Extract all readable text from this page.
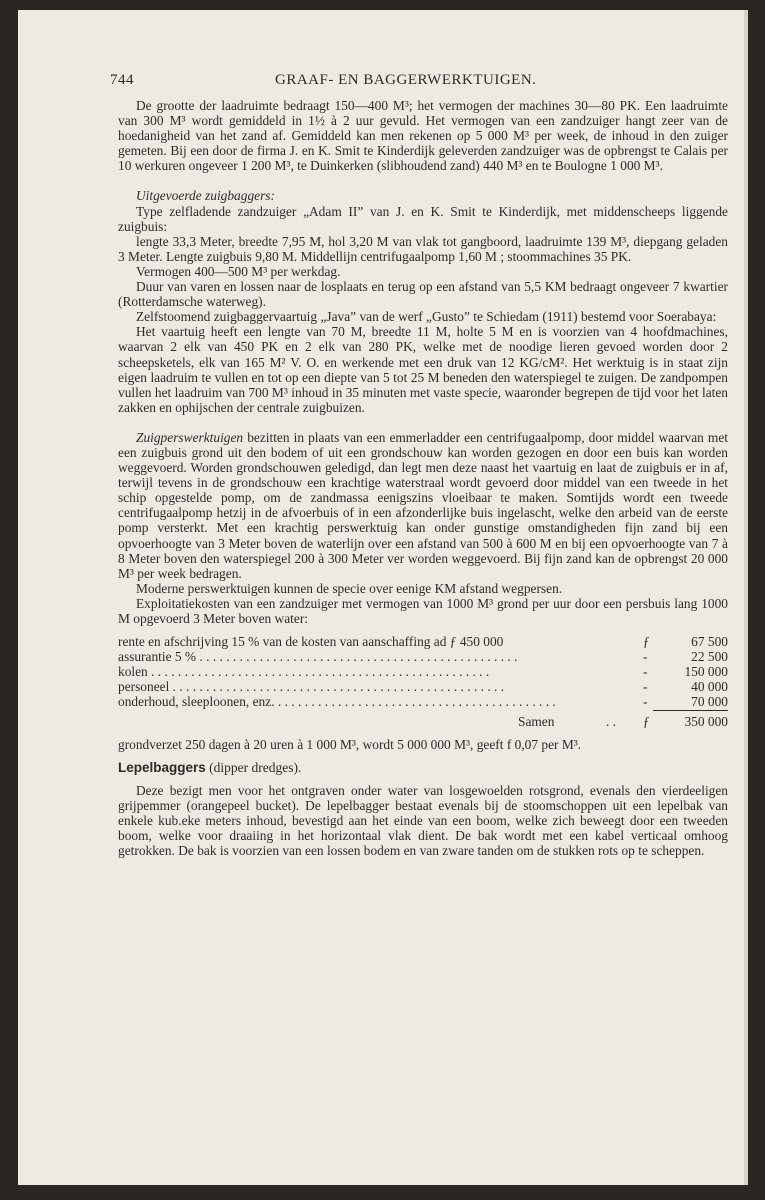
744	GRAAF- EN BAGGERWERKTUIGEN.

De grootte der laadruimte bedraagt 150—400 M³; het vermogen der machines 30—80 PK. Een laadruimte van 300 M³ wordt gemiddeld in 1½ à 2 uur gevuld. Het vermogen van een zandzuiger hangt zeer van de hoedanigheid van het zand af. Gemiddeld kan men rekenen op 5 000 M³ per week, de inhoud in den zuiger gemeten. Bij een door de firma J. en K. Smit te Kinderdijk geleverden zandzuiger was de opbrengst te Calais per 10 werkuren ongeveer 1 200 M³, te Duinkerken (slibhoudend zand) 440 M³ en te Boulogne 1 000 M³.

Uitgevoerde zuigbaggers:

Type zelfladende zandzuiger „Adam II” van J. en K. Smit te Kinderdijk, met middenscheeps liggende zuigbuis:

lengte 33,3 Meter, breedte 7,95 M, hol 3,20 M van vlak tot gangboord, laadruimte 139 M³, diepgang geladen 3 Meter. Lengte zuigbuis 9,80 M. Middellijn centrifugaalpomp 1,60 M ; stoommachines 35 PK.

Vermogen 400—500 M³ per werkdag.

Duur van varen en lossen naar de losplaats en terug op een afstand van 5,5 KM bedraagt ongeveer 7 kwartier (Rotterdamsche waterweg).

Zelfstoomend zuigbaggervaartuig „Java” van de werf „Gusto” te Schiedam (1911) bestemd voor Soerabaya:

Het vaartuig heeft een lengte van 70 M, breedte 11 M, holte 5 M en is voorzien van 4 hoofdmachines, waarvan 2 elk van 450 PK en 2 elk van 280 PK, welke met de noodige lieren gevoed worden door 2 scheepsketels, elk van 165 M² V. O. en werkende met een druk van 12 KG/cM². Het werktuig is in staat zijn eigen laadruim te vullen en tot op een diepte van 5 tot 25 M beneden den waterspiegel te zuigen. De zandpompen vullen het laadruim van 700 M³ inhoud in 35 minuten met vaste specie, waaronder begrepen de tijd voor het laten zakken en ophijschen der centrale zuigbuizen.

Zuigperswerktuigen bezitten in plaats van een emmerladder een centrifugaalpomp, door middel waarvan met een zuigbuis grond uit den bodem of uit een grondschouw kan worden gezogen en door een buis kan worden weggevoerd. Worden grondschouwen geledigd, dan legt men deze naast het vaartuig en laat de zuigbuis er in af, terwijl tevens in de grondschouw een krachtige waterstraal wordt gevoerd door middel van een tweede in het schip opgestelde pomp, om de zandmassa eenigszins vloeibaar te maken. Somtijds wordt een tweede centrifugaalpomp hetzij in de afvoerbuis of in een afzonderlijke buis ingelascht, welke den arbeid van de eerste pomp versterkt. Met een krachtig perswerktuig kan onder gunstige omstandigheden fijn zand bij een opvoerhoogte van 3 Meter boven de waterlijn over een afstand van 500 à 600 M en bij een opvoerhoogte van 7 à 8 Meter boven den waterspiegel 200 à 300 Meter ver worden weggevoerd. Bij fijn zand kan de opbrengst 20 000 M³ per week bedragen.

Moderne perswerktuigen kunnen de specie over eenige KM afstand wegpersen.

Exploitatiekosten van een zandzuiger met vermogen van 1000 M³ grond per uur door een persbuis lang 1000 M opgevoerd 3 Meter boven water:

rente en afschrijving 15 % van de kosten van aanschaffing ad ƒ 450 000	ƒ	67 500
assurantie 5 % . . . . . . . . . . . . . . . . . . . . . . . . . . . . . . . . . . . . . . . . . . . . . . . .	-	22 500
kolen . . . . . . . . . . . . . . . . . . . . . . . . . . . . . . . . . . . . . . . . . . . . . . . . . . .	-	150 000
personeel . . . . . . . . . . . . . . . . . . . . . . . . . . . . . . . . . . . . . . . . . . . . . . . . . .	-	40 000
onderhoud, sleeploonen, enz. . . . . . . . . . . . . . . . . . . . . . . . . . . . . . . . . . . . . . . . . . .	-	70 000
Samen	. . ƒ	350 000

grondverzet 250 dagen à 20 uren à 1 000 M³, wordt 5 000 000 M³, geeft f 0,07 per M³.

Lepelbaggers (dipper dredges).

Deze bezigt men voor het ontgraven onder water van losgewoelden rotsgrond, evenals den vierdeeligen grijpemmer (orangepeel bucket). De lepelbagger bestaat evenals bij de stoomschoppen uit een lepelbak van enkele kub.eke meters inhoud, bevestigd aan het einde van een boom, welke zich beweegt door een tweeden boom, welke voor draaiing in het horizontaal vlak dient. De bak wordt met een kabel verticaal omhoog getrokken. De bak is voorzien van een lossen bodem en van zware tanden om de stukken rots op te scheppen.
